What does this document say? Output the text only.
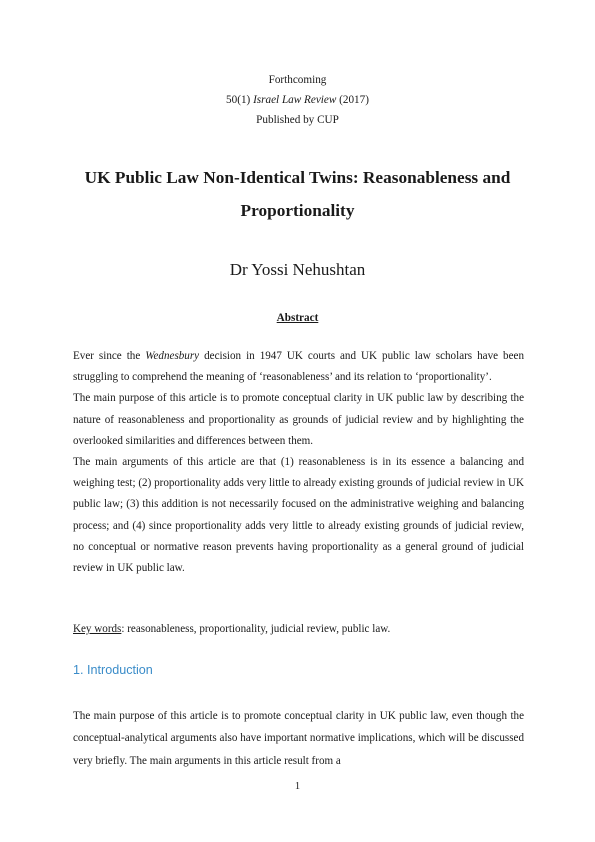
Forthcoming
50(1) Israel Law Review (2017)
Published by CUP
UK Public Law Non-Identical Twins: Reasonableness and Proportionality
Dr Yossi Nehushtan
Abstract

Ever since the Wednesbury decision in 1947 UK courts and UK public law scholars have been struggling to comprehend the meaning of ‘reasonableness’ and its relation to ‘proportionality’.

The main purpose of this article is to promote conceptual clarity in UK public law by describing the nature of reasonableness and proportionality as grounds of judicial review and by highlighting the overlooked similarities and differences between them.

The main arguments of this article are that (1) reasonableness is in its essence a balancing and weighing test; (2) proportionality adds very little to already existing grounds of judicial review in UK public law; (3) this addition is not necessarily focused on the administrative weighing and balancing process; and (4) since proportionality adds very little to already existing grounds of judicial review, no conceptual or normative reason prevents having proportionality as a general ground of judicial review in UK public law.

Key words: reasonableness, proportionality, judicial review, public law.
1. Introduction

The main purpose of this article is to promote conceptual clarity in UK public law, even though the conceptual-analytical arguments also have important normative implications, which will be discussed very briefly. The main arguments in this article result from a

1
